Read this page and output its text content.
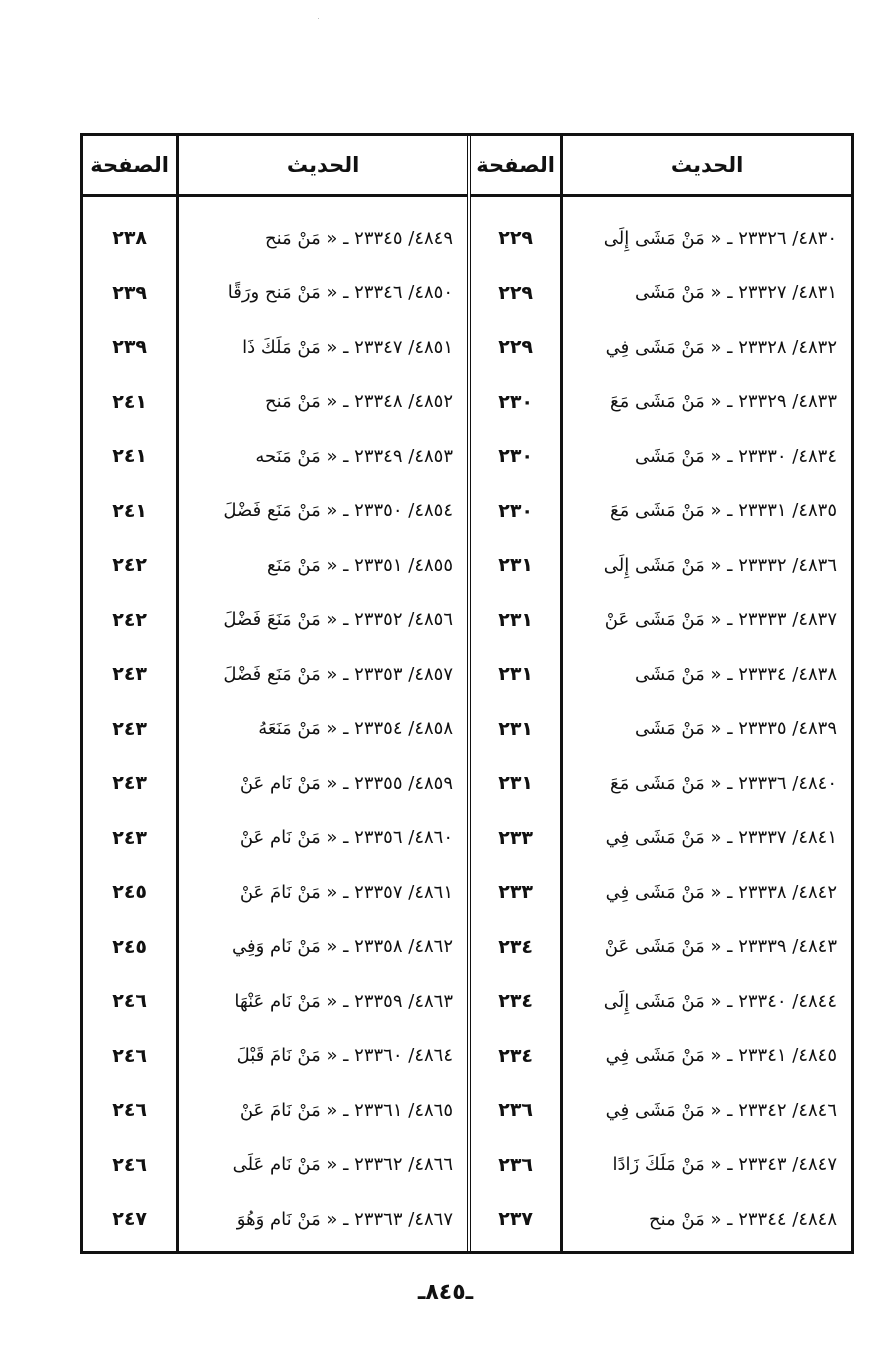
الصفحة
٢٣٨
٢٣٩
٢٣٩
٢٤١
٢٤١
٢٤١
٢٤٢
٢٤٢
٢٤٣
٢٤٣
٢٤٣
٢٤٣
٢٤٥
٢٤٥
٢٤٦
٢٤٦
٢٤٦
٢٤٦
٢٤٧
الحديث
٤٨٤٩/ ٢٣٣٤٥ ـ « مَنْ مَنح
٤٨٥٠/ ٢٣٣٤٦ ـ « مَنْ مَنح ورَقًا
٤٨٥١/ ٢٣٣٤٧ ـ « مَنْ مَلَكَ ذَا
٤٨٥٢/ ٢٣٣٤٨ ـ « مَنْ مَنح
٤٨٥٣/ ٢٣٣٤٩ ـ « مَنْ مَنَحه
٤٨٥٤/ ٢٣٣٥٠ ـ « مَنْ مَنَع فَضْلَ
٤٨٥٥/ ٢٣٣٥١ ـ « مَنْ مَنَع
٤٨٥٦/ ٢٣٣٥٢ ـ « مَنْ مَنَعَ فَضْلَ
٤٨٥٧/ ٢٣٣٥٣ ـ « مَنْ مَنَع فَضْلَ
٤٨٥٨/ ٢٣٣٥٤ ـ « مَنْ مَنَعَهُ
٤٨٥٩/ ٢٣٣٥٥ ـ « مَنْ نَام عَنْ
٤٨٦٠/ ٢٣٣٥٦ ـ « مَنْ نَام عَنْ
٤٨٦١/ ٢٣٣٥٧ ـ « مَنْ نَامَ عَنْ
٤٨٦٢/ ٢٣٣٥٨ ـ « مَنْ نَام وَفِي
٤٨٦٣/ ٢٣٣٥٩ ـ « مَنْ نَام عَنْهَا
٤٨٦٤/ ٢٣٣٦٠ ـ « مَنْ نَامَ قَبْلَ
٤٨٦٥/ ٢٣٣٦١ ـ « مَنْ نَامَ عَنْ
٤٨٦٦/ ٢٣٣٦٢ ـ « مَنْ نَام عَلَى
٤٨٦٧/ ٢٣٣٦٣ ـ « مَنْ نَام وَهُوَ
الصفحة
٢٢٩
٢٢٩
٢٢٩
٢٣٠
٢٣٠
٢٣٠
٢٣١
٢٣١
٢٣١
٢٣١
٢٣١
٢٣٣
٢٣٣
٢٣٤
٢٣٤
٢٣٤
٢٣٦
٢٣٦
٢٣٧
الحديث
٤٨٣٠/ ٢٣٣٢٦ ـ « مَنْ مَشَى إِلَى
٤٨٣١/ ٢٣٣٢٧ ـ « مَنْ مَشَى
٤٨٣٢/ ٢٣٣٢٨ ـ « مَنْ مَشَى فِي
٤٨٣٣/ ٢٣٣٢٩ ـ « مَنْ مَشَى مَعَ
٤٨٣٤/ ٢٣٣٣٠ ـ « مَنْ مَشَى
٤٨٣٥/ ٢٣٣٣١ ـ « مَنْ مَشَى مَعَ
٤٨٣٦/ ٢٣٣٣٢ ـ « مَنْ مَشَى إِلَى
٤٨٣٧/ ٢٣٣٣٣ ـ « مَنْ مَشَى عَنْ
٤٨٣٨/ ٢٣٣٣٤ ـ « مَنْ مَشَى
٤٨٣٩/ ٢٣٣٣٥ ـ « مَنْ مَشَى
٤٨٤٠/ ٢٣٣٣٦ ـ « مَنْ مَشَى مَعَ
٤٨٤١/ ٢٣٣٣٧ ـ « مَنْ مَشَى فِي
٤٨٤٢/ ٢٣٣٣٨ ـ « مَنْ مَشَى فِي
٤٨٤٣/ ٢٣٣٣٩ ـ « مَنْ مَشَى عَنْ
٤٨٤٤/ ٢٣٣٤٠ ـ « مَنْ مَشَى إِلَى
٤٨٤٥/ ٢٣٣٤١ ـ « مَنْ مَشَى فِي
٤٨٤٦/ ٢٣٣٤٢ ـ « مَنْ مَشَى فِي
٤٨٤٧/ ٢٣٣٤٣ ـ « مَنْ مَلَكَ زَادًا
٤٨٤٨/ ٢٣٣٤٤ ـ « مَنْ منح
ـ٨٤٥ـ
